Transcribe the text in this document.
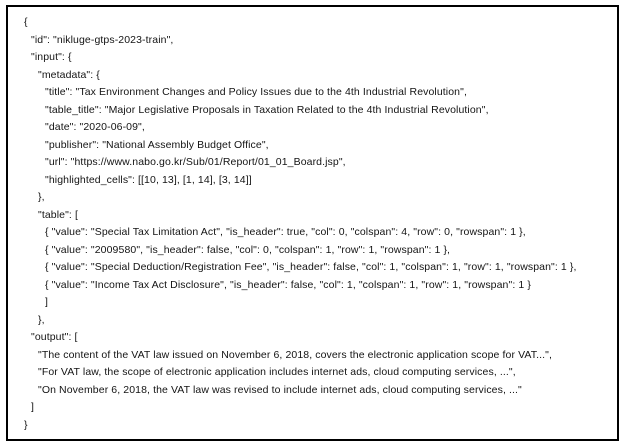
{
"id": "nikluge-gtps-2023-train",
"input": {
"metadata": {
"title": "Tax Environment Changes and Policy Issues due to the 4th Industrial Revolution",
"table_title": "Major Legislative Proposals in Taxation Related to the 4th Industrial Revolution",
"date": "2020-06-09",
"publisher": "National Assembly Budget Office",
"url": "https://www.nabo.go.kr/Sub/01/Report/01_01_Board.jsp",
"highlighted_cells": [[10, 13], [1, 14], [3, 14]]
},
"table": [
{ "value": "Special Tax Limitation Act", "is_header": true, "col": 0, "colspan": 4, "row": 0, "rowspan": 1 },
{ "value": "2009580", "is_header": false, "col": 0, "colspan": 1, "row": 1, "rowspan": 1 },
{ "value": "Special Deduction/Registration Fee", "is_header": false, "col": 1, "colspan": 1, "row": 1, "rowspan": 1 },
{ "value": "Income Tax Act Disclosure", "is_header": false, "col": 1, "colspan": 1, "row": 1, "rowspan": 1 }
]
},
"output": [
"The content of the VAT law issued on November 6, 2018, covers the electronic application scope for VAT...",
"For VAT law, the scope of electronic application includes internet ads, cloud computing services, ...",
"On November 6, 2018, the VAT law was revised to include internet ads, cloud computing services, ..."
]
}
